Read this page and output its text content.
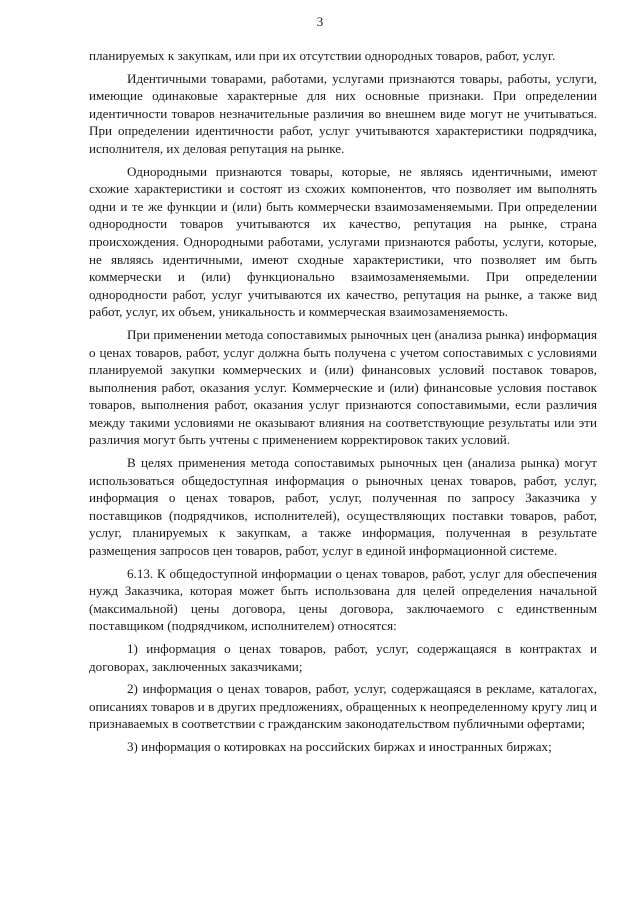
3

планируемых к закупкам, или при их отсутствии однородных товаров, работ, услуг.

Идентичными товарами, работами, услугами признаются товары, работы, услуги, имеющие одинаковые характерные для них основные признаки. При определении идентичности товаров незначительные различия во внешнем виде могут не учитываться. При определении идентичности работ, услуг учитываются характеристики подрядчика, исполнителя, их деловая репутация на рынке.

Однородными признаются товары, которые, не являясь идентичными, имеют схожие характеристики и состоят из схожих компонентов, что позволяет им выполнять одни и те же функции и (или) быть коммерчески взаимозаменяемыми. При определении однородности товаров учитываются их качество, репутация на рынке, страна происхождения. Однородными работами, услугами признаются работы, услуги, которые, не являясь идентичными, имеют сходные характеристики, что позволяет им быть коммерчески и (или) функционально взаимозаменяемыми. При определении однородности работ, услуг учитываются их качество, репутация на рынке, а также вид работ, услуг, их объем, уникальность и коммерческая взаимозаменяемость.

При применении метода сопоставимых рыночных цен (анализа рынка) информация о ценах товаров, работ, услуг должна быть получена с учетом сопоставимых с условиями планируемой закупки коммерческих и (или) финансовых условий поставок товаров, выполнения работ, оказания услуг. Коммерческие и (или) финансовые условия поставок товаров, выполнения работ, оказания услуг признаются сопоставимыми, если различия между такими условиями не оказывают влияния на соответствующие результаты или эти различия могут быть учтены с применением корректировок таких условий.

В целях применения метода сопоставимых рыночных цен (анализа рынка) могут использоваться общедоступная информация о рыночных ценах товаров, работ, услуг, информация о ценах товаров, работ, услуг, полученная по запросу Заказчика у поставщиков (подрядчиков, исполнителей), осуществляющих поставки товаров, работ, услуг, планируемых к закупкам, а также информация, полученная в результате размещения запросов цен товаров, работ, услуг в единой информационной системе.

6.13. К общедоступной информации о ценах товаров, работ, услуг для обеспечения нужд Заказчика, которая может быть использована для целей определения начальной (максимальной) цены договора, цены договора, заключаемого с единственным поставщиком (подрядчиком, исполнителем) относятся:

1) информация о ценах товаров, работ, услуг, содержащаяся в контрактах и договорах, заключенных заказчиками;

2) информация о ценах товаров, работ, услуг, содержащаяся в рекламе, каталогах, описаниях товаров и в других предложениях, обращенных к неопределенному кругу лиц и признаваемых в соответствии с гражданским законодательством публичными офертами;

3) информация о котировках на российских биржах и иностранных биржах;
